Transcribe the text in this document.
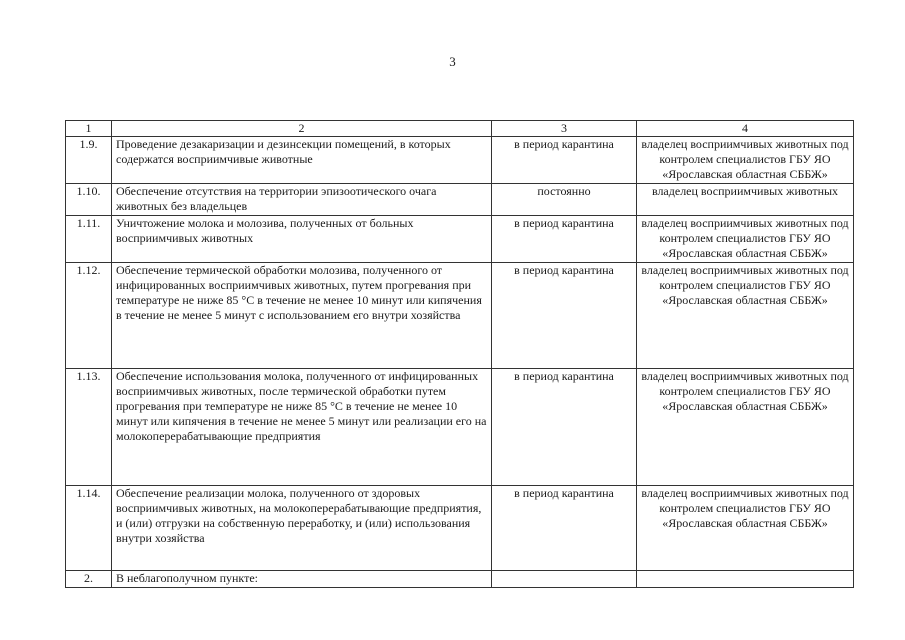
3
1	2	3	4
1.9.	Проведение дезакаризации и дезинсекции помещений, в которых содержатся восприимчивые животные	в период карантина	владелец восприимчивых животных под контролем специалистов ГБУ ЯО «Ярославская областная СББЖ»
1.10.	Обеспечение отсутствия на территории эпизоотического очага животных без владельцев	постоянно	владелец восприимчивых животных
1.11.	Уничтожение молока и молозива, полученных от больных восприимчивых животных	в период карантина	владелец восприимчивых животных под контролем специалистов ГБУ ЯО «Ярославская областная СББЖ»
1.12.	Обеспечение термической обработки молозива, полученного от инфицированных восприимчивых животных, путем прогревания при температуре не ниже 85 °С в течение не менее 10 минут или кипячения в течение не менее 5 минут с использованием его внутри хозяйства	в период карантина	владелец восприимчивых животных под контролем специалистов ГБУ ЯО «Ярославская областная СББЖ»
1.13.	Обеспечение использования молока, полученного от инфицированных восприимчивых животных, после термической обработки путем прогревания при температуре не ниже 85 °С в течение не менее 10 минут или кипячения в течение не менее 5 минут или реализации его на молокоперерабатывающие предприятия	в период карантина	владелец восприимчивых животных под контролем специалистов ГБУ ЯО «Ярославская областная СББЖ»
1.14.	Обеспечение реализации молока, полученного от здоровых восприимчивых животных, на молокоперерабатывающие предприятия, и (или) отгрузки на собственную переработку, и (или) использования внутри хозяйства	в период карантина	владелец восприимчивых животных под контролем специалистов ГБУ ЯО «Ярославская областная СББЖ»
2.	В неблагополучном пункте:		
